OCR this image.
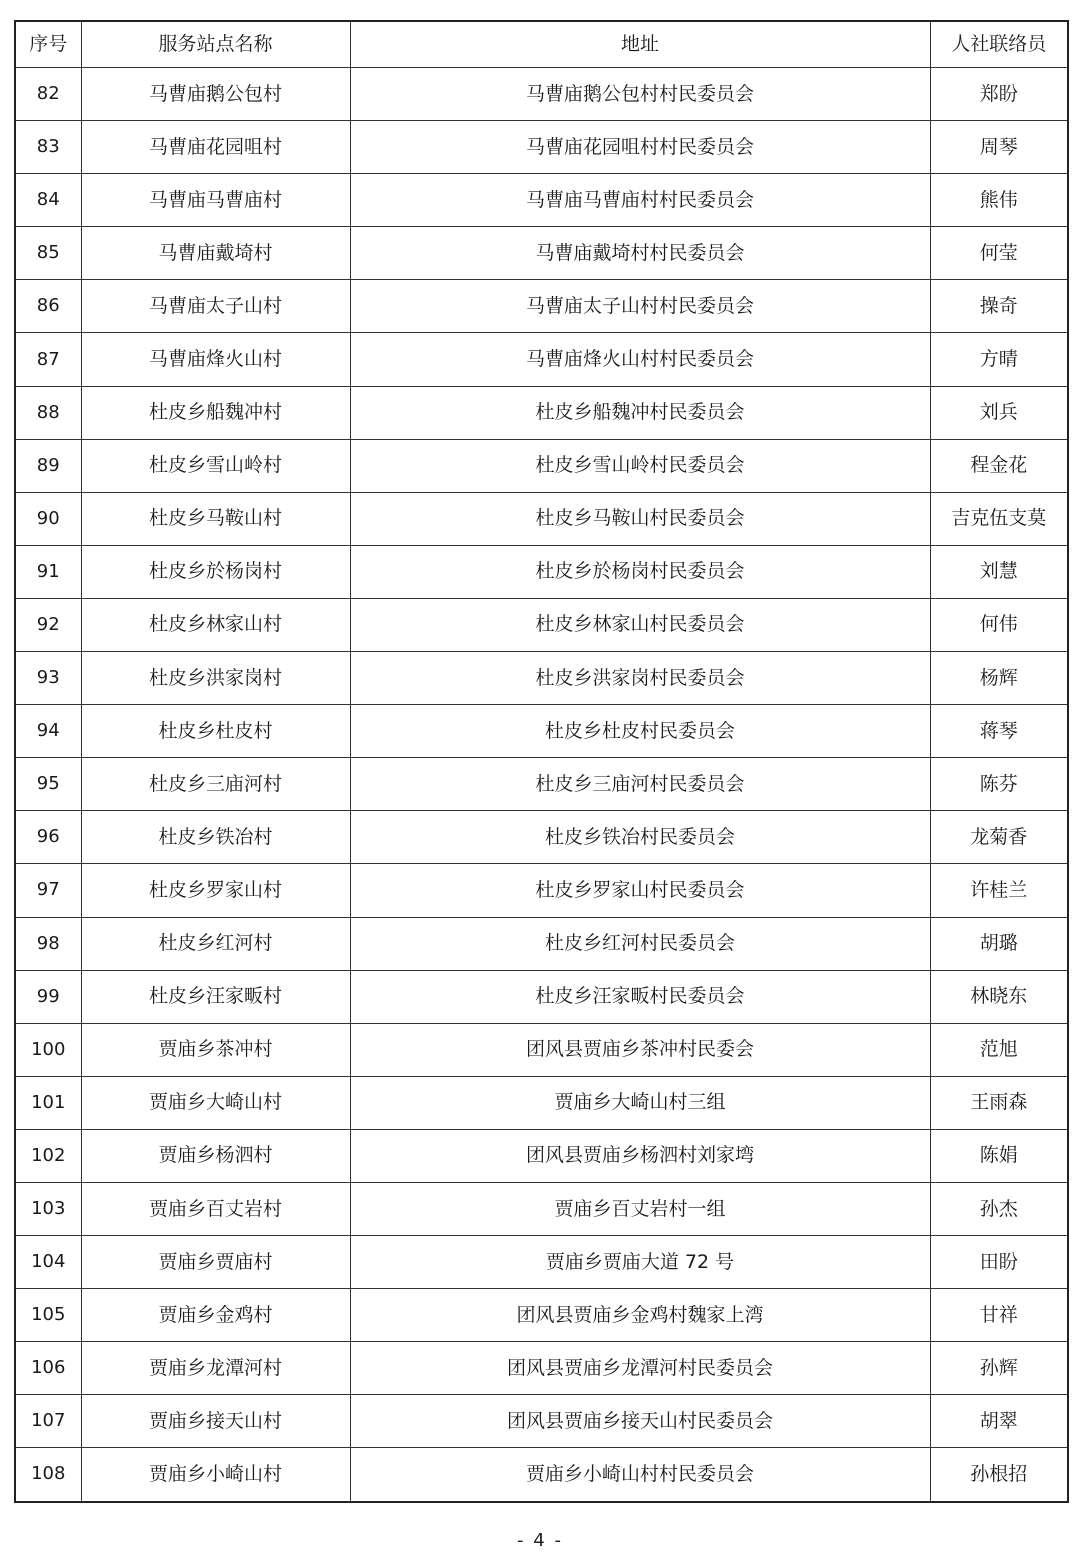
序号	服务站点名称	地址	人社联络员
82	马曹庙鹅公包村	马曹庙鹅公包村村民委员会	郑盼
83	马曹庙花园咀村	马曹庙花园咀村村民委员会	周琴
84	马曹庙马曹庙村	马曹庙马曹庙村村民委员会	熊伟
85	马曹庙戴埼村	马曹庙戴埼村村民委员会	何莹
86	马曹庙太子山村	马曹庙太子山村村民委员会	操奇
87	马曹庙烽火山村	马曹庙烽火山村村民委员会	方晴
88	杜皮乡船魏冲村	杜皮乡船魏冲村民委员会	刘兵
89	杜皮乡雪山岭村	杜皮乡雪山岭村民委员会	程金花
90	杜皮乡马鞍山村	杜皮乡马鞍山村民委员会	吉克伍支莫
91	杜皮乡於杨岗村	杜皮乡於杨岗村民委员会	刘慧
92	杜皮乡林家山村	杜皮乡林家山村民委员会	何伟
93	杜皮乡洪家岗村	杜皮乡洪家岗村民委员会	杨辉
94	杜皮乡杜皮村	杜皮乡杜皮村民委员会	蒋琴
95	杜皮乡三庙河村	杜皮乡三庙河村民委员会	陈芬
96	杜皮乡铁冶村	杜皮乡铁冶村民委员会	龙菊香
97	杜皮乡罗家山村	杜皮乡罗家山村民委员会	许桂兰
98	杜皮乡红河村	杜皮乡红河村民委员会	胡璐
99	杜皮乡汪家畈村	杜皮乡汪家畈村民委员会	林晓东
100	贾庙乡茶冲村	团风县贾庙乡茶冲村民委会	范旭
101	贾庙乡大崎山村	贾庙乡大崎山村三组	王雨森
102	贾庙乡杨泗村	团风县贾庙乡杨泗村刘家塆	陈娟
103	贾庙乡百丈岩村	贾庙乡百丈岩村一组	孙杰
104	贾庙乡贾庙村	贾庙乡贾庙大道 72 号	田盼
105	贾庙乡金鸡村	团风县贾庙乡金鸡村魏家上湾	甘祥
106	贾庙乡龙潭河村	团风县贾庙乡龙潭河村民委员会	孙辉
107	贾庙乡接天山村	团风县贾庙乡接天山村民委员会	胡翠
108	贾庙乡小崎山村	贾庙乡小崎山村村民委员会	孙根招
- 4 -
